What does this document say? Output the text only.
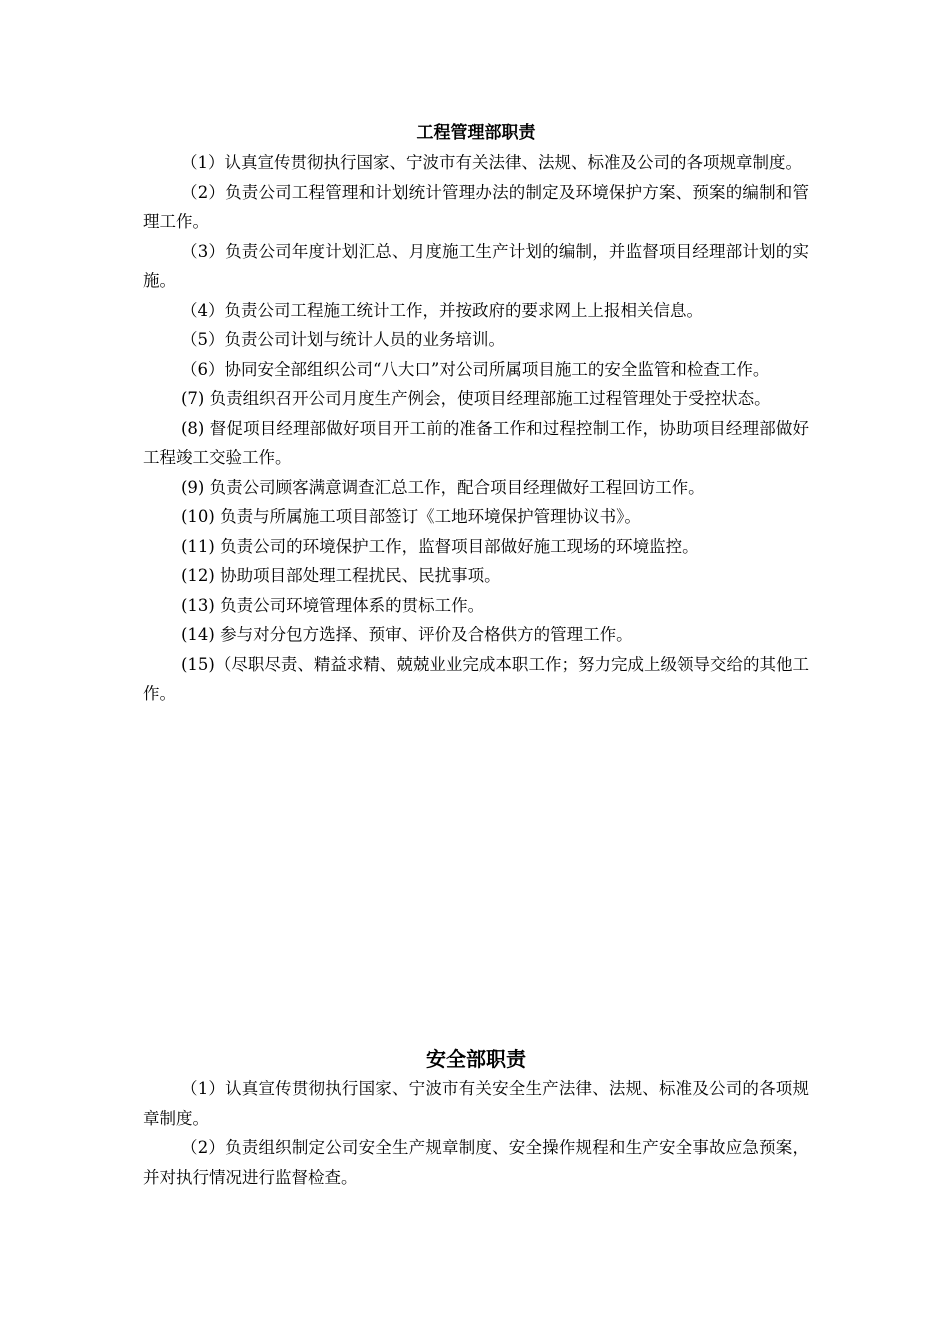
工程管理部职责

（1）认真宣传贯彻执行国家、宁波市有关法律、法规、标准及公司的各项规章制度。

（2）负责公司工程管理和计划统计管理办法的制定及环境保护方案、预案的编制和管理工作。

（3）负责公司年度计划汇总、月度施工生产计划的编制，并监督项目经理部计划的实施。

（4）负责公司工程施工统计工作，并按政府的要求网上上报相关信息。

（5）负责公司计划与统计人员的业务培训。

（6）协同安全部组织公司“八大口”对公司所属项目施工的安全监管和检查工作。

(7) 负责组织召开公司月度生产例会，使项目经理部施工过程管理处于受控状态。

(8) 督促项目经理部做好项目开工前的准备工作和过程控制工作，协助项目经理部做好工程竣工交验工作。

(9) 负责公司顾客满意调查汇总工作，配合项目经理做好工程回访工作。

(10) 负责与所属施工项目部签订《工地环境保护管理协议书》。

(11) 负责公司的环境保护工作，监督项目部做好施工现场的环境监控。

(12) 协助项目部处理工程扰民、民扰事项。

(13) 负责公司环境管理体系的贯标工作。

(14) 参与对分包方选择、预审、评价及合格供方的管理工作。

(15)（尽职尽责、精益求精、兢兢业业完成本职工作；努力完成上级领导交给的其他工作。

安全部职责

（1）认真宣传贯彻执行国家、宁波市有关安全生产法律、法规、标准及公司的各项规章制度。

（2）负责组织制定公司安全生产规章制度、安全操作规程和生产安全事故应急预案，并对执行情况进行监督检查。
